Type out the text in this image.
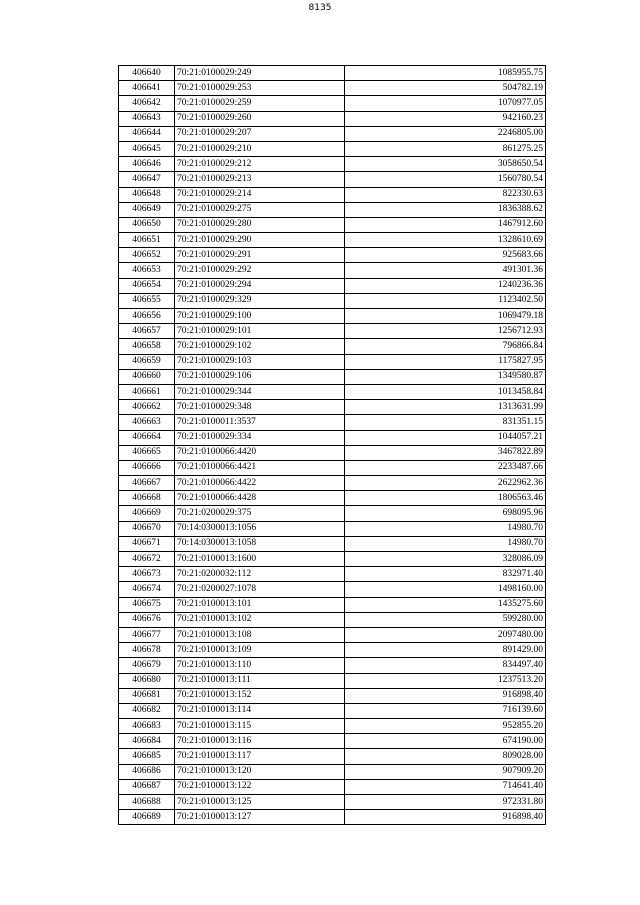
8135
406640	70:21:0100029:249	1085955.75
406641	70:21:0100029:253	504782.19
406642	70:21:0100029:259	1070977.05
406643	70:21:0100029:260	942160.23
406644	70:21:0100029:207	2246805.00
406645	70:21:0100029:210	861275.25
406646	70:21:0100029:212	3058650.54
406647	70:21:0100029:213	1560780.54
406648	70:21:0100029:214	822330.63
406649	70:21:0100029:275	1836388.62
406650	70:21:0100029:280	1467912.60
406651	70:21:0100029:290	1328610.69
406652	70:21:0100029:291	925683.66
406653	70:21:0100029:292	491301.36
406654	70:21:0100029:294	1240236.36
406655	70:21:0100029:329	1123402.50
406656	70:21:0100029:100	1069479.18
406657	70:21:0100029:101	1256712.93
406658	70:21:0100029:102	796866.84
406659	70:21:0100029:103	1175827.95
406660	70:21:0100029:106	1349580.87
406661	70:21:0100029:344	1013458.84
406662	70:21:0100029:348	1313631.99
406663	70:21:0100011:3537	831351.15
406664	70:21:0100029:334	1044057.21
406665	70:21:0100066:4420	3467822.89
406666	70:21:0100066:4421	2233487.66
406667	70:21:0100066:4422	2622962.36
406668	70:21:0100066:4428	1806563.46
406669	70:21:0200029:375	698095.96
406670	70:14:0300013:1056	14980.70
406671	70:14:0300013:1058	14980.70
406672	70:21:0100013:1600	328086.09
406673	70:21:0200032:112	832971.40
406674	70:21:0200027:1078	1498160.00
406675	70:21:0100013:101	1435275.60
406676	70:21:0100013:102	599280.00
406677	70:21:0100013:108	2097480.00
406678	70:21:0100013:109	891429.00
406679	70:21:0100013:110	834497.40
406680	70:21:0100013:111	1237513.20
406681	70:21:0100013:152	916898.40
406682	70:21:0100013:114	716139.60
406683	70:21:0100013:115	952855.20
406684	70:21:0100013:116	674190.00
406685	70:21:0100013:117	809028.00
406686	70:21:0100013:120	907909.20
406687	70:21:0100013:122	714641.40
406688	70:21:0100013:125	972331.80
406689	70:21:0100013:127	916898.40
